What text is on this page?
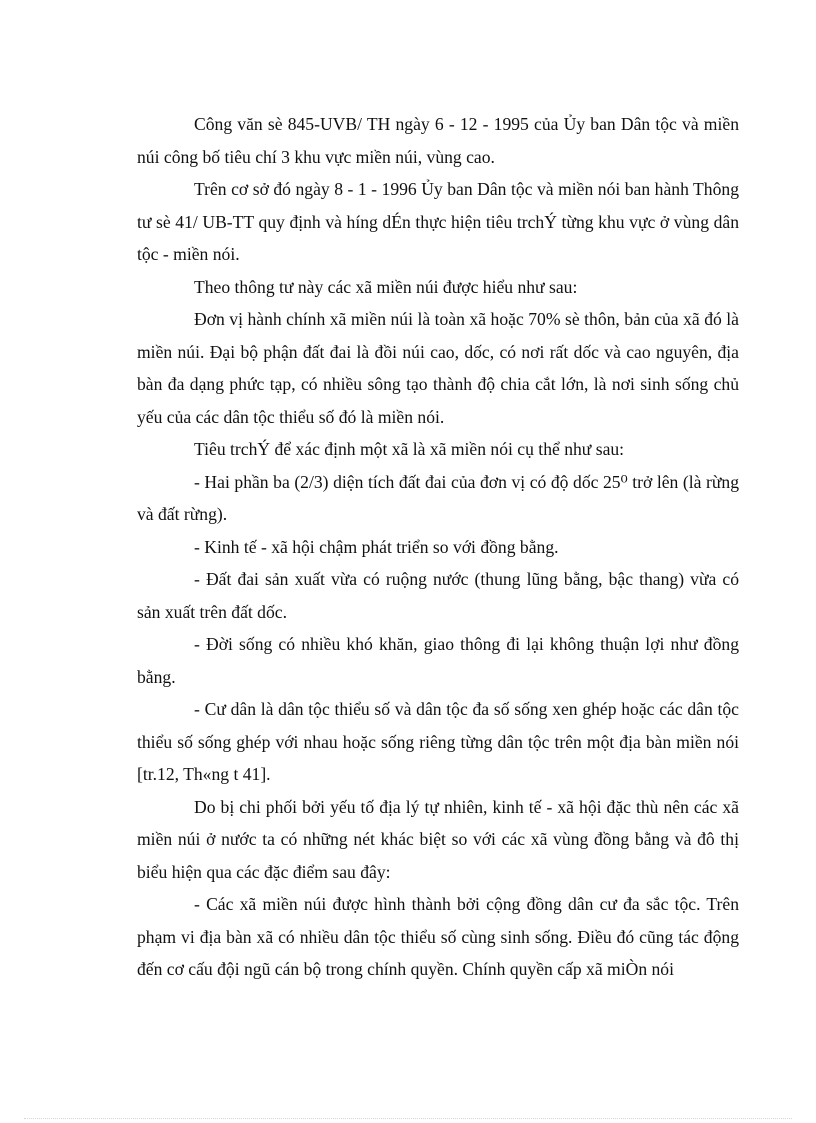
Công văn sè 845-UVB/ TH ngày 6 - 12 - 1995 của Ủy ban Dân tộc và miền núi công bố tiêu chí 3 khu vực miền núi, vùng cao.

Trên cơ sở đó ngày 8 - 1 - 1996 Ủy ban Dân tộc và miền nói ban hành Thông tư sè 41/ UB-TT quy định và híng dÉn thực hiện tiêu trchÝ từng khu vực ở vùng dân tộc - miền nói.

Theo thông tư này các xã miền núi được hiểu như sau:

Đơn vị hành chính xã miền núi là toàn xã hoặc 70% sè thôn, bản của xã đó là miền núi. Đại bộ phận đất đai là đồi núi cao, dốc, có nơi rất dốc và cao nguyên, địa bàn đa dạng phức tạp, có nhiều sông tạo thành độ chia cắt lớn, là nơi sinh sống chủ yếu của các dân tộc thiểu số đó là miền nói.

Tiêu trchÝ để xác định một xã là xã miền nói cụ thể như sau:

- Hai phần ba (2/3) diện tích đất đai của đơn vị có độ dốc 25⁰ trở lên (là rừng và đất rừng).

- Kinh tế - xã hội chậm phát triển so với đồng bằng.

- Đất đai sản xuất vừa có ruộng nước (thung lũng bằng, bậc thang) vừa có sản xuất trên đất dốc.

- Đời sống có nhiều khó khăn, giao thông đi lại không thuận lợi như đồng bằng.

- Cư dân là dân tộc thiểu số và dân tộc đa số sống xen ghép hoặc các dân tộc thiểu số sống ghép với nhau hoặc sống riêng từng dân tộc trên một địa bàn miền nói [tr.12, Th«ng t 41].

Do bị chi phối bởi yếu tố địa lý tự nhiên, kinh tế - xã hội đặc thù nên các xã miền núi ở nước ta có những nét khác biệt so với các xã vùng đồng bằng và đô thị biểu hiện qua các đặc điểm sau đây:

- Các xã miền núi được hình thành bởi cộng đồng dân cư đa sắc tộc. Trên phạm vi địa bàn xã có nhiều dân tộc thiểu số cùng sinh sống. Điều đó cũng tác động đến cơ cấu đội ngũ cán bộ trong chính quyền. Chính quyền cấp xã miÒn nói
